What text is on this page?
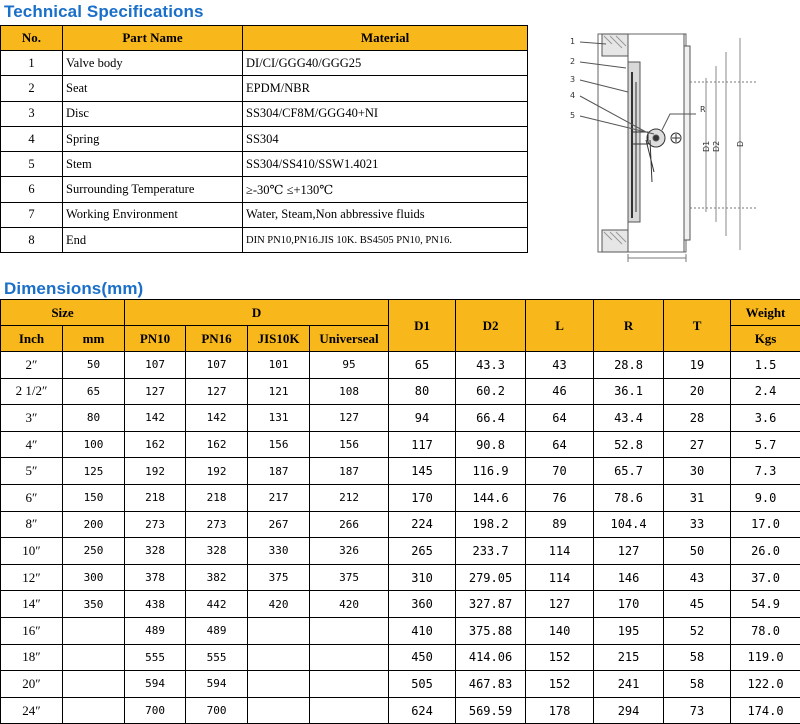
Technical Specifications
No.	Part Name	Material
1	Valve body	DI/CI/GGG40/GGG25
2	Seat	EPDM/NBR
3	Disc	SS304/CF8M/GGG40+NI
4	Spring	SS304
5	Stem	SS304/SS410/SSW1.4021
6	Surrounding Temperature	≥-30℃ ≤+130℃
7	Working Environment	Water, Steam,Non abbressive fluids
8	End	DIN PN10,PN16.JIS 10K. BS4505 PN10, PN16.
1
2
3
4
5
R
D1 D2 D
Dimensions(mm)
Size		D				D1	D2	L	R	T	Weight
Inch	mm	PN10	PN16	JIS10K	Universeal						Kgs
2″	50	107	107	101	95	65	43.3	43	28.8	19	1.5
2 1/2″	65	127	127	121	108	80	60.2	46	36.1	20	2.4
3″	80	142	142	131	127	94	66.4	64	43.4	28	3.6
4″	100	162	162	156	156	117	90.8	64	52.8	27	5.7
5″	125	192	192	187	187	145	116.9	70	65.7	30	7.3
6″	150	218	218	217	212	170	144.6	76	78.6	31	9.0
8″	200	273	273	267	266	224	198.2	89	104.4	33	17.0
10″	250	328	328	330	326	265	233.7	114	127	50	26.0
12″	300	378	382	375	375	310	279.05	114	146	43	37.0
14″	350	438	442	420	420	360	327.87	127	170	45	54.9
16″		489	489			410	375.88	140	195	52	78.0
18″		555	555			450	414.06	152	215	58	119.0
20″		594	594			505	467.83	152	241	58	122.0
24″		700	700			624	569.59	178	294	73	174.0
